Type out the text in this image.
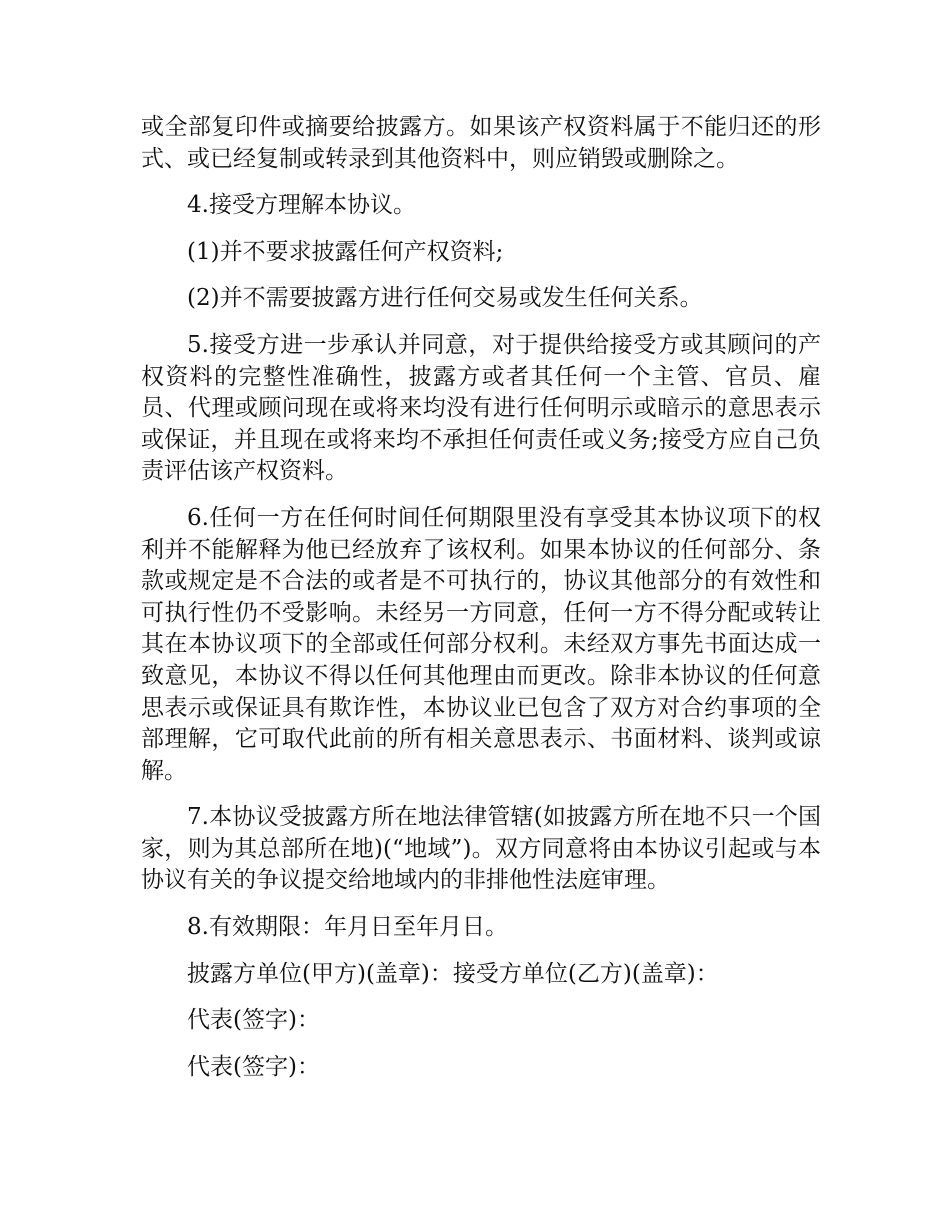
或全部复印件或摘要给披露方。如果该产权资料属于不能归还的形式、或已经复制或转录到其他资料中，则应销毁或删除之。

4.接受方理解本协议。

(1)并不要求披露任何产权资料;

(2)并不需要披露方进行任何交易或发生任何关系。

5.接受方进一步承认并同意，对于提供给接受方或其顾问的产权资料的完整性准确性，披露方或者其任何一个主管、官员、雇员、代理或顾问现在或将来均没有进行任何明示或暗示的意思表示或保证，并且现在或将来均不承担任何责任或义务;接受方应自己负责评估该产权资料。

6.任何一方在任何时间任何期限里没有享受其本协议项下的权利并不能解释为他已经放弃了该权利。如果本协议的任何部分、条款或规定是不合法的或者是不可执行的，协议其他部分的有效性和可执行性仍不受影响。未经另一方同意，任何一方不得分配或转让其在本协议项下的全部或任何部分权利。未经双方事先书面达成一致意见，本协议不得以任何其他理由而更改。除非本协议的任何意思表示或保证具有欺诈性，本协议业已包含了双方对合约事项的全部理解，它可取代此前的所有相关意思表示、书面材料、谈判或谅解。

7.本协议受披露方所在地法律管辖(如披露方所在地不只一个国家，则为其总部所在地)(“地域”)。双方同意将由本协议引起或与本协议有关的争议提交给地域内的非排他性法庭审理。

8.有效期限：年月日至年月日。

披露方单位(甲方)(盖章)：接受方单位(乙方)(盖章)：

代表(签字)：

代表(签字)：
